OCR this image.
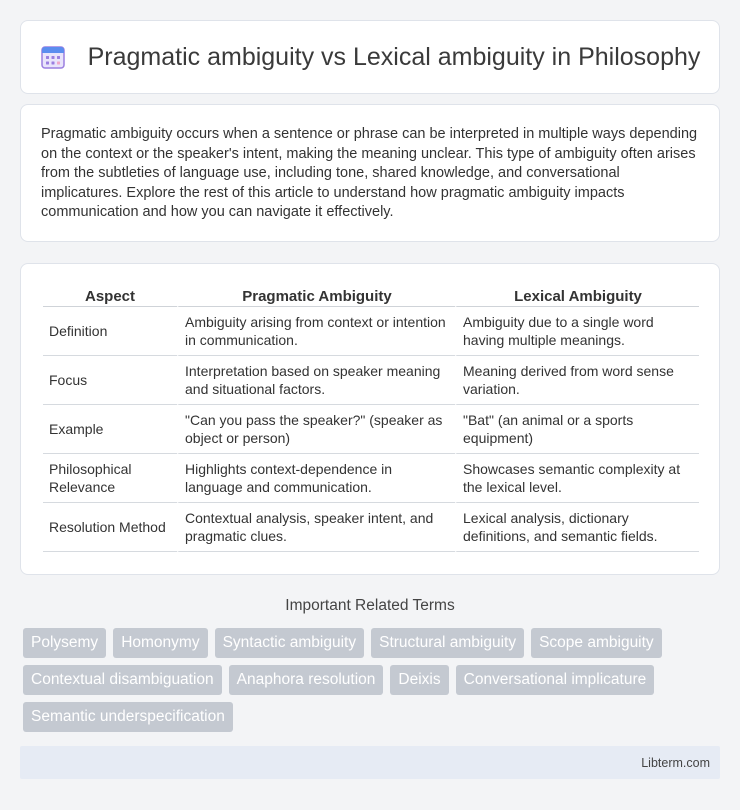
Pragmatic ambiguity vs Lexical ambiguity in Philosophy

Pragmatic ambiguity occurs when a sentence or phrase can be interpreted in multiple ways depending on the context or the speaker's intent, making the meaning unclear. This type of ambiguity often arises from the subtleties of language use, including tone, shared knowledge, and conversational implicatures. Explore the rest of this article to understand how pragmatic ambiguity impacts communication and how you can navigate it effectively.

Aspect	Pragmatic Ambiguity	Lexical Ambiguity
Definition	Ambiguity arising from context or intention in communication.	Ambiguity due to a single word having multiple meanings.
Focus	Interpretation based on speaker meaning and situational factors.	Meaning derived from word sense variation.
Example	"Can you pass the speaker?" (speaker as object or person)	"Bat" (an animal or a sports equipment)
Philosophical Relevance	Highlights context-dependence in language and communication.	Showcases semantic complexity at the lexical level.
Resolution Method	Contextual analysis, speaker intent, and pragmatic clues.	Lexical analysis, dictionary definitions, and semantic fields.
Important Related Terms
Polysemy	Homonymy	Syntactic ambiguity	Structural ambiguity	Scope ambiguity
Contextual disambiguation	Anaphora resolution	Deixis	Conversational implicature
Semantic underspecification
Libterm.com
